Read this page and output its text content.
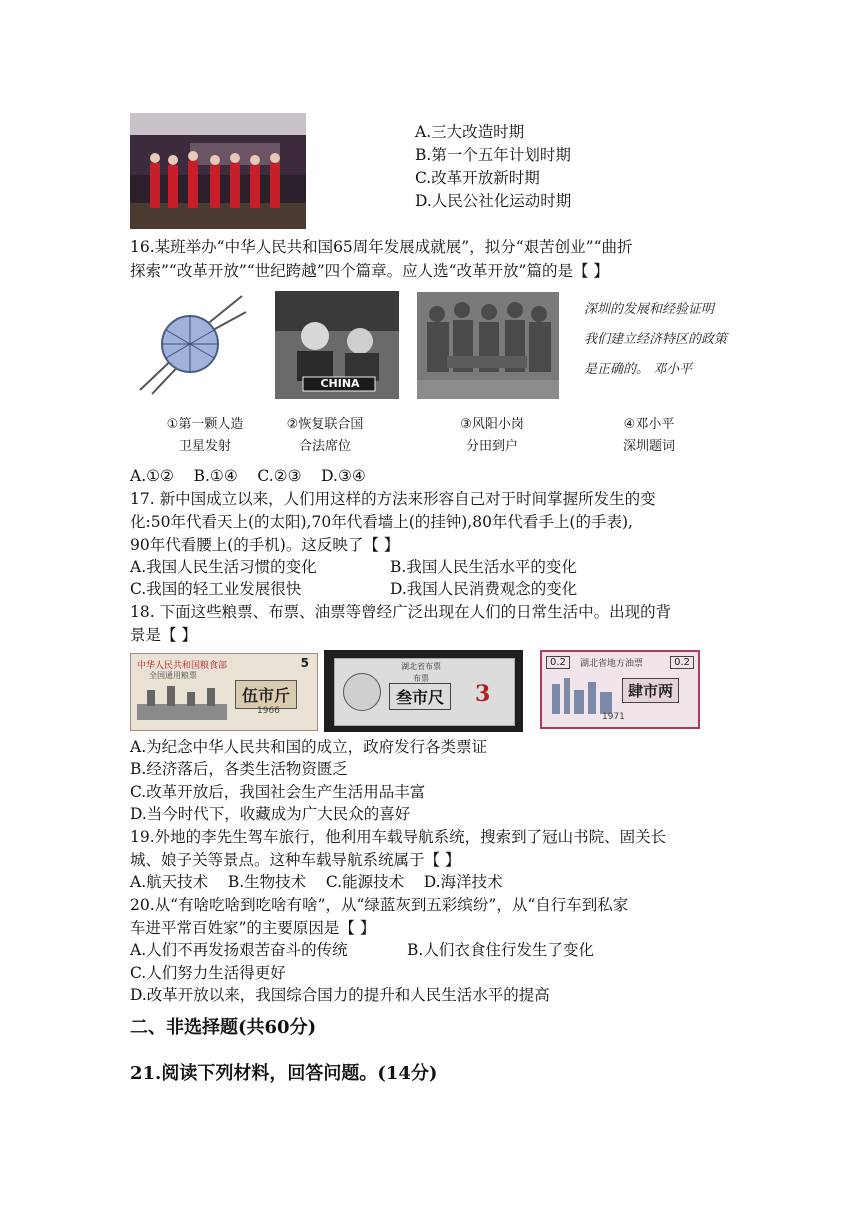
A.三大改造时期
B.第一个五年计划时期
C.改革开放新时期
D.人民公社化运动时期
16.某班举办“中华人民共和国65周年发展成就展”，拟分“艰苦创业”“曲折
探索”“改革开放”“世纪跨越”四个篇章。应人选“改革开放”篇的是【 】
CHINA
深圳的发展和经验证明
我们建立经济特区的政策
是正确的。 邓小平
①第一颗人造
卫星发射
②恢复联合国
合法席位
③风阳小岗
分田到户
④邓小平
深圳题词
A.①②    B.①④    C.②③    D.③④
17. 新中国成立以来，人们用这样的方法来形容自己对于时间掌握所发生的变
化:50年代看天上(的太阳),70年代看墙上(的挂钟),80年代看手上(的手表),
90年代看腰上(的手机)。这反映了【 】
A.我国人民生活习惯的变化	B.我国人民生活水平的变化
C.我国的轻工业发展很快	D.我国人民消费观念的变化
18. 下面这些粮票、布票、油票等曾经广泛出现在人们的日常生活中。出现的背
景是【 】
中华人民共和国粮食部
全国通用粮票
5
伍市斤
1966
湖北省布票
布票
叁市尺	3
0.2	湖北省地方油票	0.2
肆市两
1971
A.为纪念中华人民共和国的成立，政府发行各类票证
B.经济落后，各类生活物资匮乏
C.改革开放后，我国社会生产生活用品丰富
D.当今时代下，收藏成为广大民众的喜好
19.外地的李先生驾车旅行，他利用车载导航系统，搜索到了冠山书院、固关长
城、娘子关等景点。这种车载导航系统属于【 】
A.航天技术    B.生物技术    C.能源技术    D.海洋技术
20.从“有啥吃啥到吃啥有啥”，从“绿蓝灰到五彩缤纷”，从“自行车到私家
车进平常百姓家”的主要原因是【 】
A.人们不再发扬艰苦奋斗的传统	B.人们衣食住行发生了变化
C.人们努力生活得更好
D.改革开放以来，我国综合国力的提升和人民生活水平的提高
二、非选择题(共60分)
21.阅读下列材料，回答问题。(14分)
